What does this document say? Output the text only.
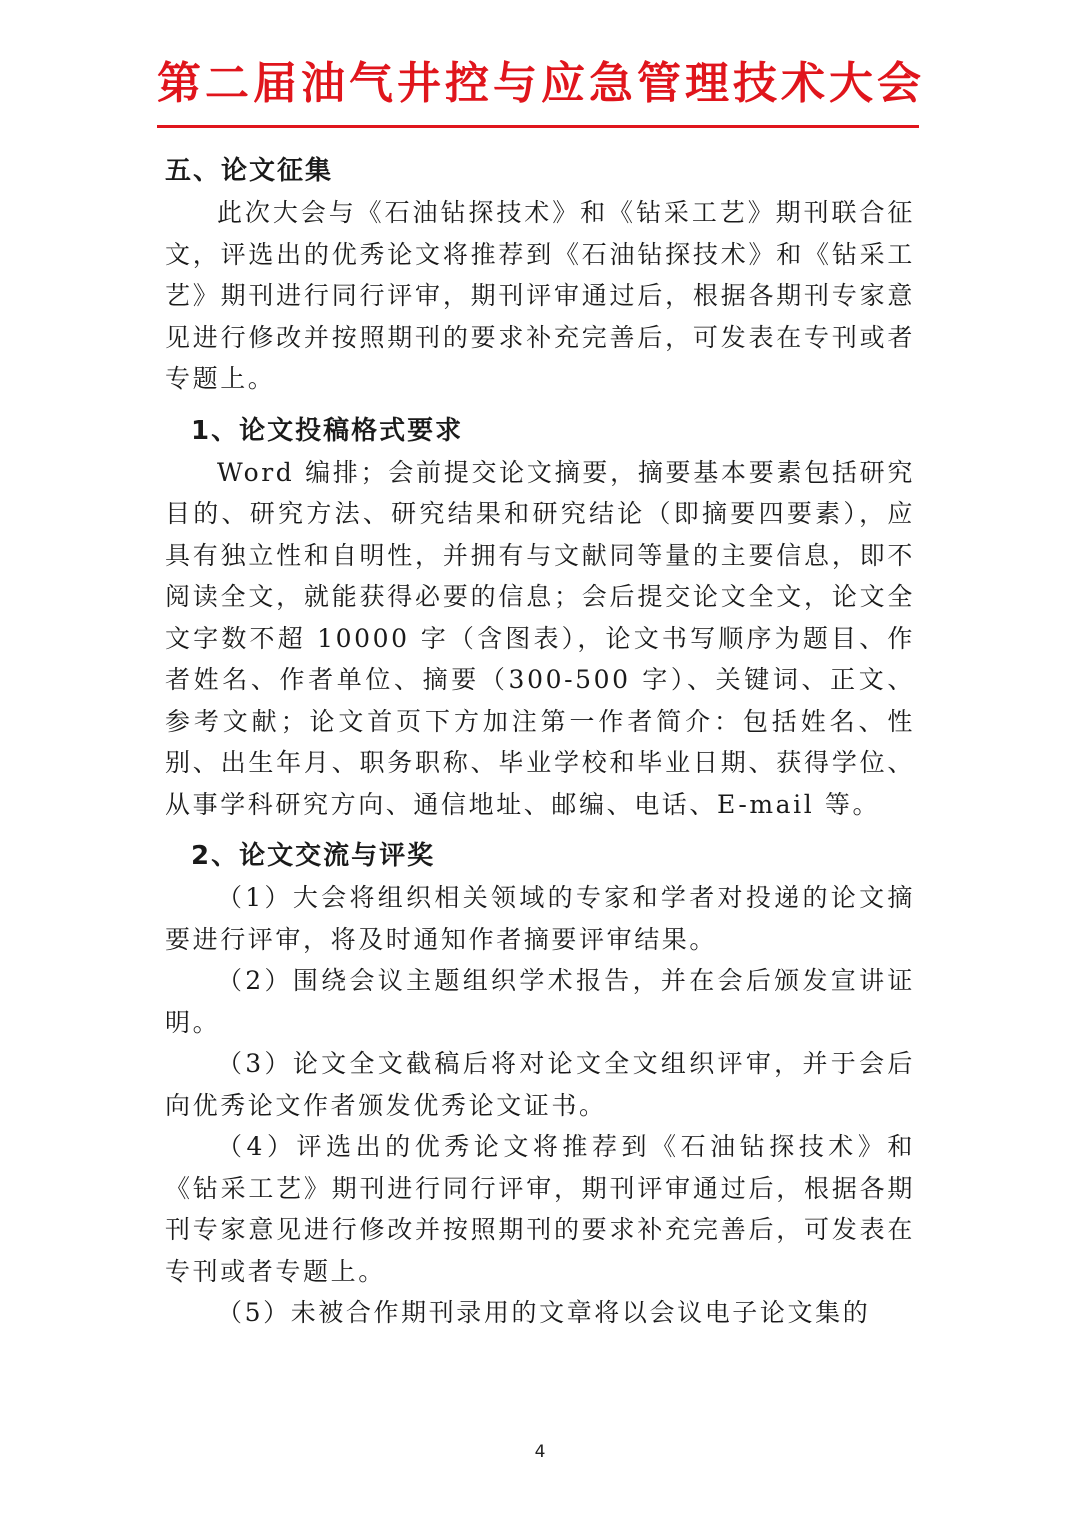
第二届油气井控与应急管理技术大会
五、论文征集

此次大会与《石油钻探技术》和《钻采工艺》期刊联合征文，评选出的优秀论文将推荐到《石油钻探技术》和《钻采工艺》期刊进行同行评审，期刊评审通过后，根据各期刊专家意见进行修改并按照期刊的要求补充完善后，可发表在专刊或者专题上。

1、论文投稿格式要求

Word 编排；会前提交论文摘要，摘要基本要素包括研究目的、研究方法、研究结果和研究结论（即摘要四要素），应具有独立性和自明性，并拥有与文献同等量的主要信息，即不阅读全文，就能获得必要的信息；会后提交论文全文，论文全文字数不超 10000 字（含图表），论文书写顺序为题目、作者姓名、作者单位、摘要（300-500 字）、关键词、正文、参考文献；论文首页下方加注第一作者简介：包括姓名、性别、出生年月、职务职称、毕业学校和毕业日期、获得学位、从事学科研究方向、通信地址、邮编、电话、E-mail 等。

2、论文交流与评奖

（1）大会将组织相关领域的专家和学者对投递的论文摘要进行评审，将及时通知作者摘要评审结果。

（2）围绕会议主题组织学术报告，并在会后颁发宣讲证明。

（3）论文全文截稿后将对论文全文组织评审，并于会后向优秀论文作者颁发优秀论文证书。

（4）评选出的优秀论文将推荐到《石油钻探技术》和《钻采工艺》期刊进行同行评审，期刊评审通过后，根据各期刊专家意见进行修改并按照期刊的要求补充完善后，可发表在专刊或者专题上。

（5）未被合作期刊录用的文章将以会议电子论文集的

4
